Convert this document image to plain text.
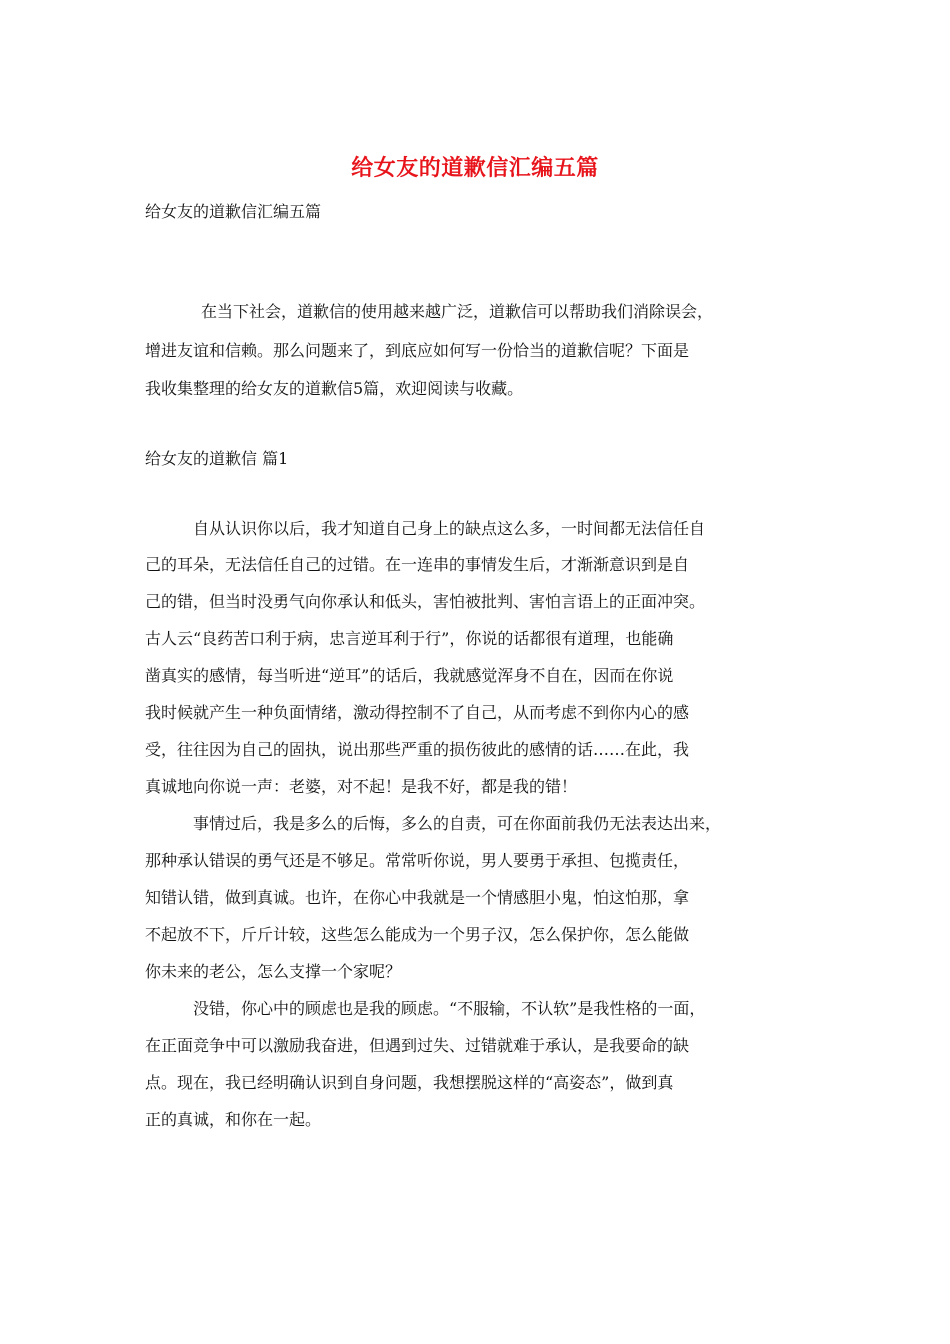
给女友的道歉信汇编五篇
给女友的道歉信汇编五篇
在当下社会，道歉信的使用越来越广泛，道歉信可以帮助我们消除误会，
增进友谊和信赖。那么问题来了，到底应如何写一份恰当的道歉信呢？下面是
我收集整理的给女友的道歉信5篇，欢迎阅读与收藏。
给女友的道歉信 篇1
自从认识你以后，我才知道自己身上的缺点这么多，一时间都无法信任自
己的耳朵，无法信任自己的过错。在一连串的事情发生后，才渐渐意识到是自
己的错，但当时没勇气向你承认和低头，害怕被批判、害怕言语上的正面冲突。
古人云“良药苦口利于病，忠言逆耳利于行”，你说的话都很有道理，也能确
凿真实的感情，每当听进“逆耳”的话后，我就感觉浑身不自在，因而在你说
我时候就产生一种负面情绪，激动得控制不了自己，从而考虑不到你内心的感
受，往往因为自己的固执，说出那些严重的损伤彼此的感情的话……在此，我
真诚地向你说一声：老婆，对不起！是我不好，都是我的错！
事情过后，我是多么的后悔，多么的自责，可在你面前我仍无法表达出来，
那种承认错误的勇气还是不够足。常常听你说，男人要勇于承担、包揽责任，
知错认错，做到真诚。也许，在你心中我就是一个情感胆小鬼，怕这怕那，拿
不起放不下，斤斤计较，这些怎么能成为一个男子汉，怎么保护你，怎么能做
你未来的老公，怎么支撑一个家呢？
没错，你心中的顾虑也是我的顾虑。“不服输，不认软”是我性格的一面，
在正面竞争中可以激励我奋进，但遇到过失、过错就难于承认，是我要命的缺
点。现在，我已经明确认识到自身问题，我想摆脱这样的“高姿态”，做到真
正的真诚，和你在一起。
